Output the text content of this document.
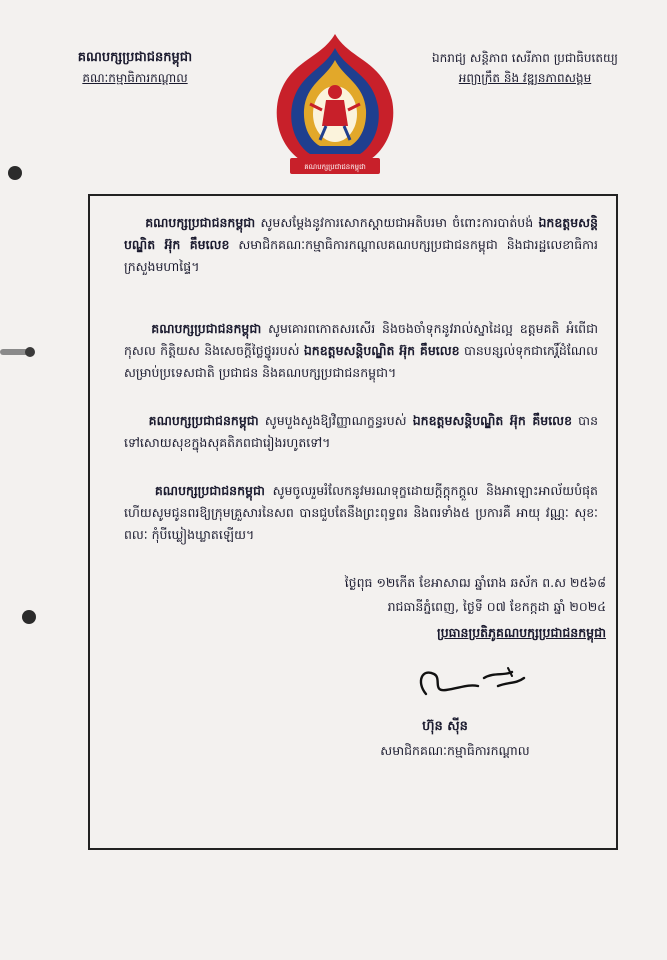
គណបក្សប្រជាជនកម្ពុជា
គណៈកម្មាធិការកណ្តាល
គណបក្សប្រជាជនកម្ពុជា
ឯករាជ្យ សន្តិភាព សេរីភាព ប្រជាធិបតេយ្យ
អព្យាក្រឹត និង វឌ្ឍនភាពសង្គម
គណបក្សប្រជាជនកម្ពុជា សូមសម្តែងនូវការសោកស្តាយជាអតិបរមា ចំពោះការបាត់បង់ ឯកឧត្តមសន្តិបណ្ឌិត អ៊ុក គឹមលេខ សមាជិកគណៈកម្មាធិការកណ្តាលគណបក្សប្រជាជនកម្ពុជា និងជារដ្ឋលេខាធិការក្រសួងមហាផ្ទៃ។
គណបក្សប្រជាជនកម្ពុជា សូមគោរពកោតសរសើរ និងចងចាំទុកនូវរាល់ស្នាដៃល្អ ឧត្តមគតិ អំពើជាកុសល កិត្តិយស និងសេចក្តីថ្លៃថ្នូររបស់ ឯកឧត្តមសន្តិបណ្ឌិត អ៊ុក គឹមលេខ បានបន្សល់ទុកជាកេរ្តិ៍ដំណែលសម្រាប់ប្រទេសជាតិ ប្រជាជន និងគណបក្សប្រជាជនកម្ពុជា។
គណបក្សប្រជាជនកម្ពុជា សូមបួងសួងឱ្យវិញ្ញាណក្ខន្ធរបស់ ឯកឧត្តមសន្តិបណ្ឌិត អ៊ុក គឹមលេខ បានទៅសោយសុខក្នុងសុគតិភពជារៀងរហូតទៅ។
គណបក្សប្រជាជនកម្ពុជា សូមចូលរួមរំលែកនូវមរណទុក្ខដោយក្តីក្តុកក្តួល និងអាឡោះអាល័យបំផុត ហើយសូមជូនពរឱ្យក្រុមគ្រួសារនៃសព បានជួបតែនឹងព្រះពុទ្ធពរ និងពរទាំង៥ ប្រការគឺ អាយុ វណ្ណៈ សុខៈ ពលៈ កុំបីឃ្លៀងឃ្លាតឡើយ។
ថ្ងៃពុធ ១២កើត ខែអាសាឍ ឆ្នាំរោង ឆស័ក ព.ស ២៥៦៨
រាជធានីភ្នំពេញ, ថ្ងៃទី ០៧ ខែកក្កដា ឆ្នាំ ២០២៤
ប្រធានប្រតិភូគណបក្សប្រជាជនកម្ពុជា
ហ៊ុន សុីន
សមាជិកគណៈកម្មាធិការកណ្តាល
